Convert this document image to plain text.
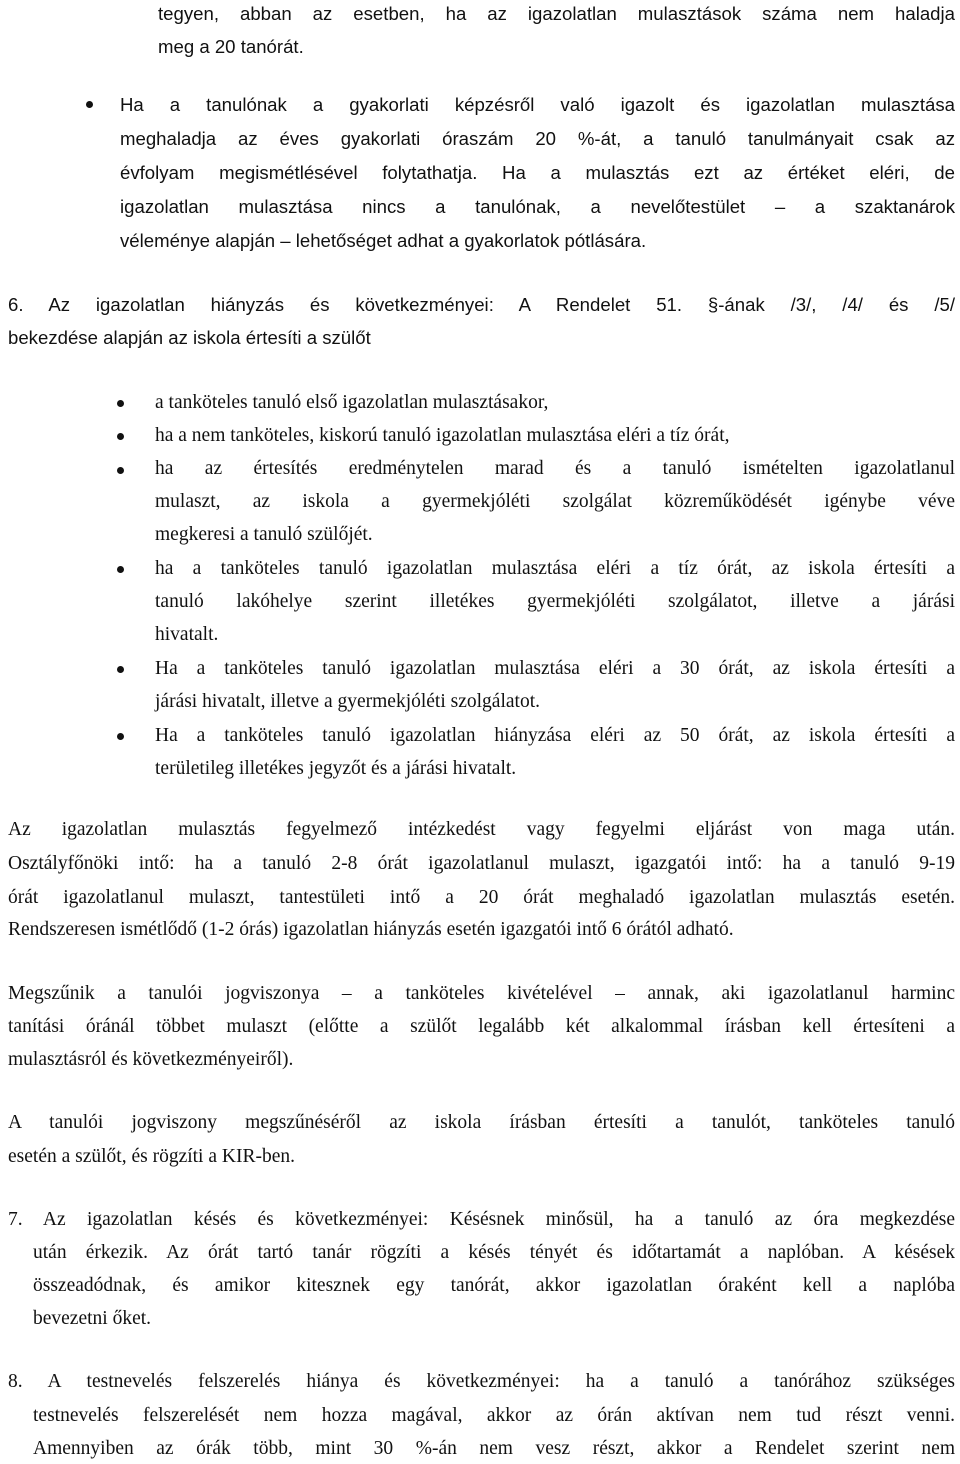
tegyen, abban az esetben, ha az igazolatlan mulasztások száma nem haladja
meg a 20 tanórát.
Ha a tanulónak a gyakorlati képzésről való igazolt és igazolatlan mulasztása
meghaladja az éves gyakorlati óraszám 20 %-át, a tanuló tanulmányait csak az
évfolyam megismétlésével folytathatja. Ha a mulasztás ezt az értéket eléri, de
igazolatlan mulasztása nincs a tanulónak, a nevelőtestület – a szaktanárok
véleménye alapján – lehetőséget adhat a gyakorlatok pótlására.
6. Az igazolatlan hiányzás és következményei: A Rendelet 51. §-ának /3/, /4/ és /5/
bekezdése alapján az iskola értesíti a szülőt
a tanköteles tanuló első igazolatlan mulasztásakor,
ha a nem tanköteles, kiskorú tanuló igazolatlan mulasztása eléri a tíz órát,
ha az értesítés eredménytelen marad és a tanuló ismételten igazolatlanul
mulaszt, az iskola a gyermekjóléti szolgálat közreműködését igénybe véve
megkeresi a tanuló szülőjét.
ha a tanköteles tanuló igazolatlan mulasztása eléri a tíz órát, az iskola értesíti a
tanuló lakóhelye szerint illetékes gyermekjóléti szolgálatot, illetve a járási
hivatalt.
Ha a tanköteles tanuló igazolatlan mulasztása eléri a 30 órát, az iskola értesíti a
járási hivatalt, illetve a gyermekjóléti szolgálatot.
Ha a tanköteles tanuló igazolatlan hiányzása eléri az 50 órát, az iskola értesíti a
területileg illetékes jegyzőt és a járási hivatalt.
Az igazolatlan mulasztás fegyelmező intézkedést vagy fegyelmi eljárást von maga után.
Osztályfőnöki intő: ha a tanuló 2-8 órát igazolatlanul mulaszt, igazgatói intő: ha a tanuló 9-19
órát igazolatlanul mulaszt, tantestületi intő a 20 órát meghaladó igazolatlan mulasztás esetén.
Rendszeresen ismétlődő (1-2 órás) igazolatlan hiányzás esetén igazgatói intő 6 órától adható.
Megszűnik a tanulói jogviszonya – a tanköteles kivételével – annak, aki igazolatlanul harminc
tanítási óránál többet mulaszt (előtte a szülőt legalább két alkalommal írásban kell értesíteni a
mulasztásról és következményeiről).
A tanulói jogviszony megszűnéséről az iskola írásban értesíti a tanulót, tanköteles tanuló
esetén a szülőt, és rögzíti a KIR-ben.
7. Az igazolatlan késés és következményei: Késésnek minősül, ha a tanuló az óra megkezdése
után érkezik. Az órát tartó tanár rögzíti a késés tényét és időtartamát a naplóban. A késések
összeadódnak, és amikor kitesznek egy tanórát, akkor igazolatlan óraként kell a naplóba
bevezetni őket.
8. A testnevelés felszerelés hiánya és következményei: ha a tanuló a tanórához szükséges
testnevelés felszerelését nem hozza magával, akkor az órán aktívan nem tud részt venni.
Amennyiben az órák több, mint 30 %-án nem vesz részt, akkor a Rendelet szerint nem
